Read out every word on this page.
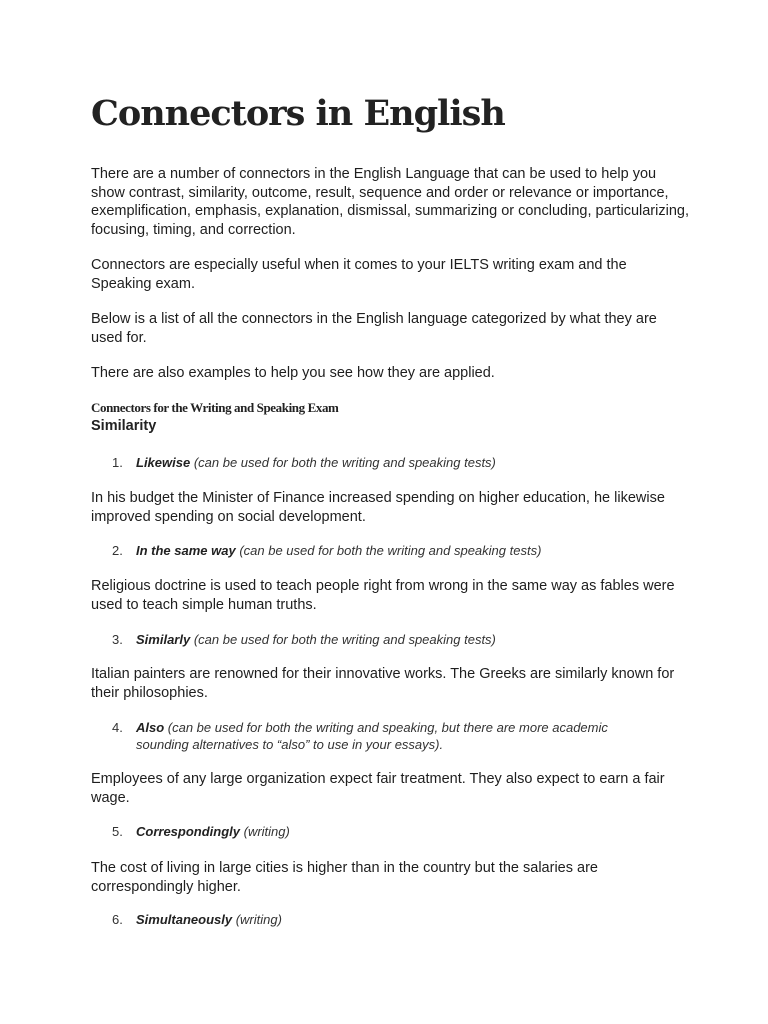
Connectors in English

There are a number of connectors in the English Language that can be used to help you show contrast, similarity, outcome, result, sequence and order or relevance or importance, exemplification, emphasis, explanation, dismissal, summarizing or concluding, particularizing, focusing, timing, and correction.

Connectors are especially useful when it comes to your IELTS writing exam and the Speaking exam.

Below is a list of all the connectors in the English language categorized by what they are used for.

There are also examples to help you see how they are applied.

Connectors for the Writing and Speaking Exam
Similarity
1.	Likewise (can be used for both the writing and speaking tests)

In his budget the Minister of Finance increased spending on higher education, he likewise improved spending on social development.

2.	In the same way (can be used for both the writing and speaking tests)

Religious doctrine is used to teach people right from wrong in the same way as fables were used to teach simple human truths.

3.	Similarly (can be used for both the writing and speaking tests)

Italian painters are renowned for their innovative works. The Greeks are similarly known for their philosophies.

4.	Also (can be used for both the writing and speaking, but there are more academic sounding alternatives to “also” to use in your essays).

Employees of any large organization expect fair treatment. They also expect to earn a fair wage.

5.	Correspondingly (writing)

The cost of living in large cities is higher than in the country but the salaries are correspondingly higher.

6.	Simultaneously (writing)
